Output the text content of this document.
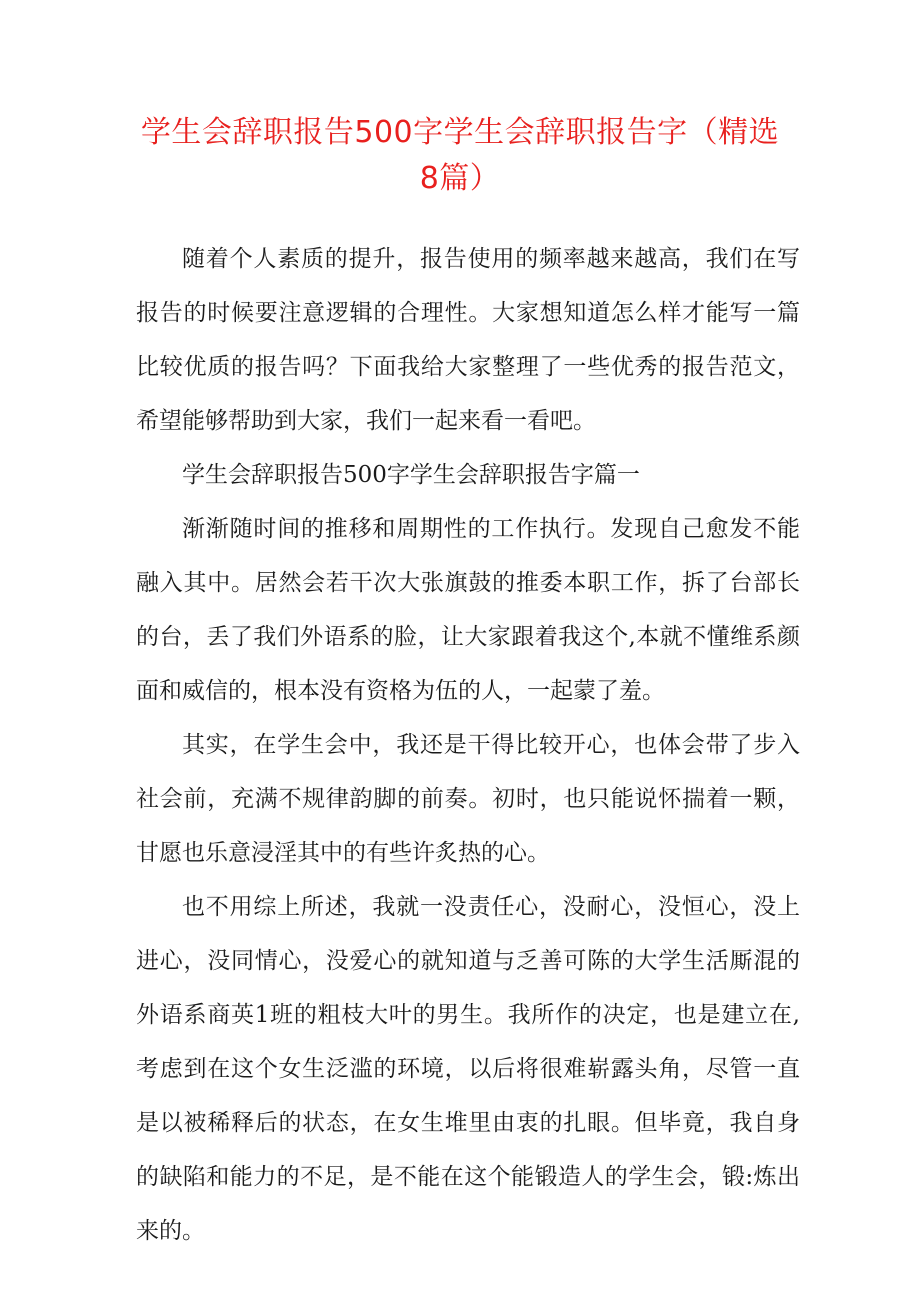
学生会辞职报告500字学生会辞职报告字（精选8篇）

随着个人素质的提升，报告使用的频率越来越高，我们在写报告的时候要注意逻辑的合理性。大家想知道怎么样才能写一篇比较优质的报告吗？下面我给大家整理了一些优秀的报告范文，希望能够帮助到大家，我们一起来看一看吧。

学生会辞职报告500字学生会辞职报告字篇一

渐渐随时间的推移和周期性的工作执行。发现自己愈发不能融入其中。居然会若干次大张旗鼓的推委本职工作，拆了台部长的台，丢了我们外语系的脸，让大家跟着我这个,本就不懂维系颜面和威信的，根本没有资格为伍的人，一起蒙了羞。

其实，在学生会中，我还是干得比较开心，也体会带了步入社会前，充满不规律韵脚的前奏。初时，也只能说怀揣着一颗，甘愿也乐意浸淫其中的有些许炙热的心。

也不用综上所述，我就一没责任心，没耐心，没恒心，没上进心，没同情心，没爱心的就知道与乏善可陈的大学生活厮混的外语系商英1班的粗枝大叶的男生。我所作的决定，也是建立在,考虑到在这个女生泛滥的环境，以后将很难崭露头角，尽管一直是以被稀释后的状态，在女生堆里由衷的扎眼。但毕竟，我自身的缺陷和能力的不足，是不能在这个能锻造人的学生会，锻:炼出来的。
